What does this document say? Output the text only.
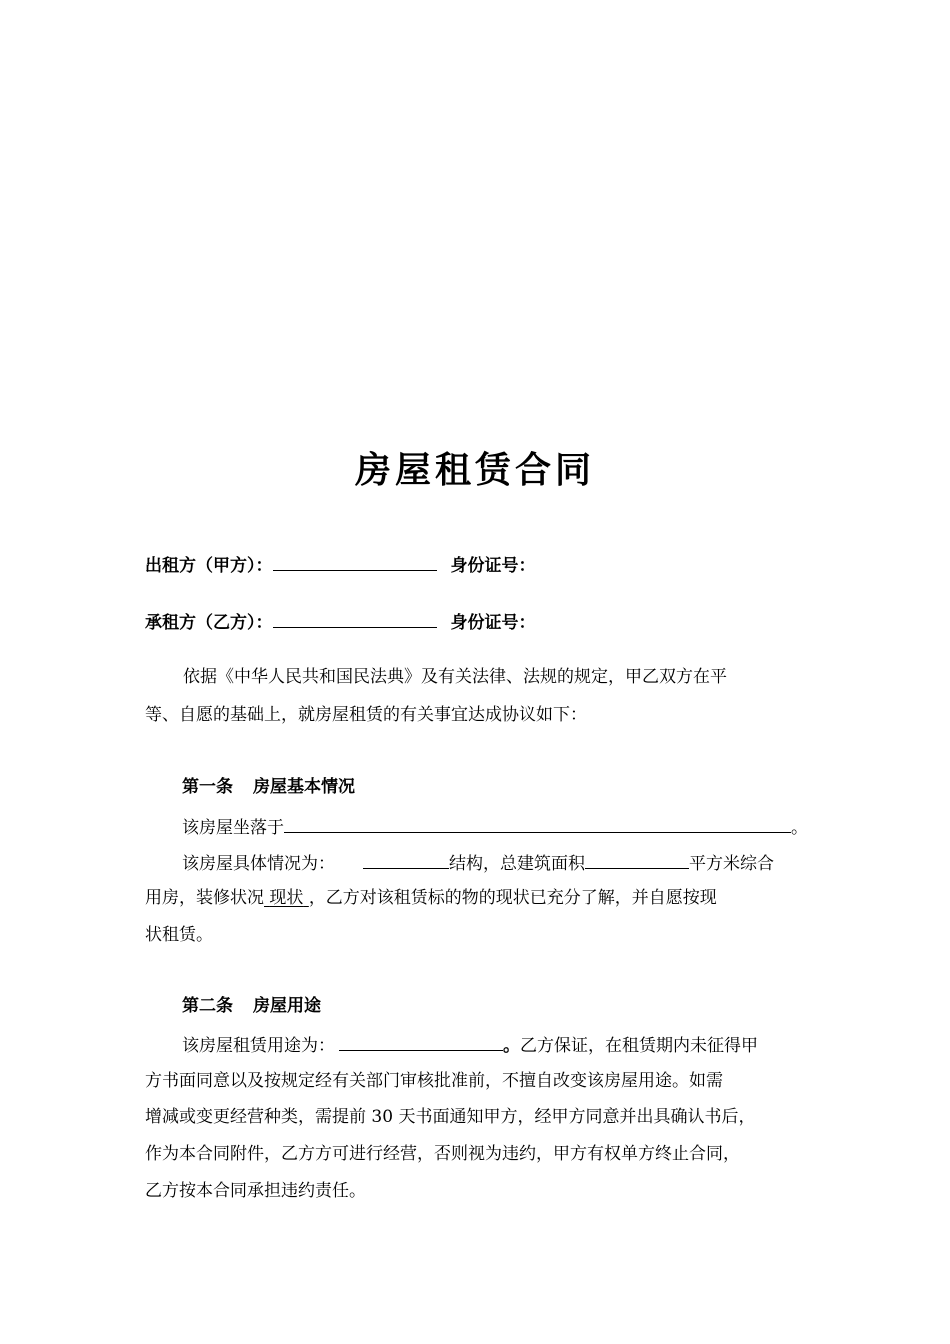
房屋租赁合同
出租方（甲方）：	身份证号：
承租方（乙方）：	身份证号：
依据《中华人民共和国民法典》及有关法律、法规的规定，甲乙双方在平
等、自愿的基础上，就房屋租赁的有关事宜达成协议如下：
第一条 房屋基本情况
该房屋坐落于	。
该房屋具体情况为：	结构，总建筑面积	平方米综合
用房，装修状况 现状 ，乙方对该租赁标的物的现状已充分了解，并自愿按现
状租赁。
第二条 房屋用途
该房屋租赁用途为：	。乙方保证，在租赁期内未征得甲
方书面同意以及按规定经有关部门审核批准前，不擅自改变该房屋用途。如需
增减或变更经营种类，需提前 30 天书面通知甲方，经甲方同意并出具确认书后，
作为本合同附件，乙方方可进行经营，否则视为违约，甲方有权单方终止合同，
乙方按本合同承担违约责任。
